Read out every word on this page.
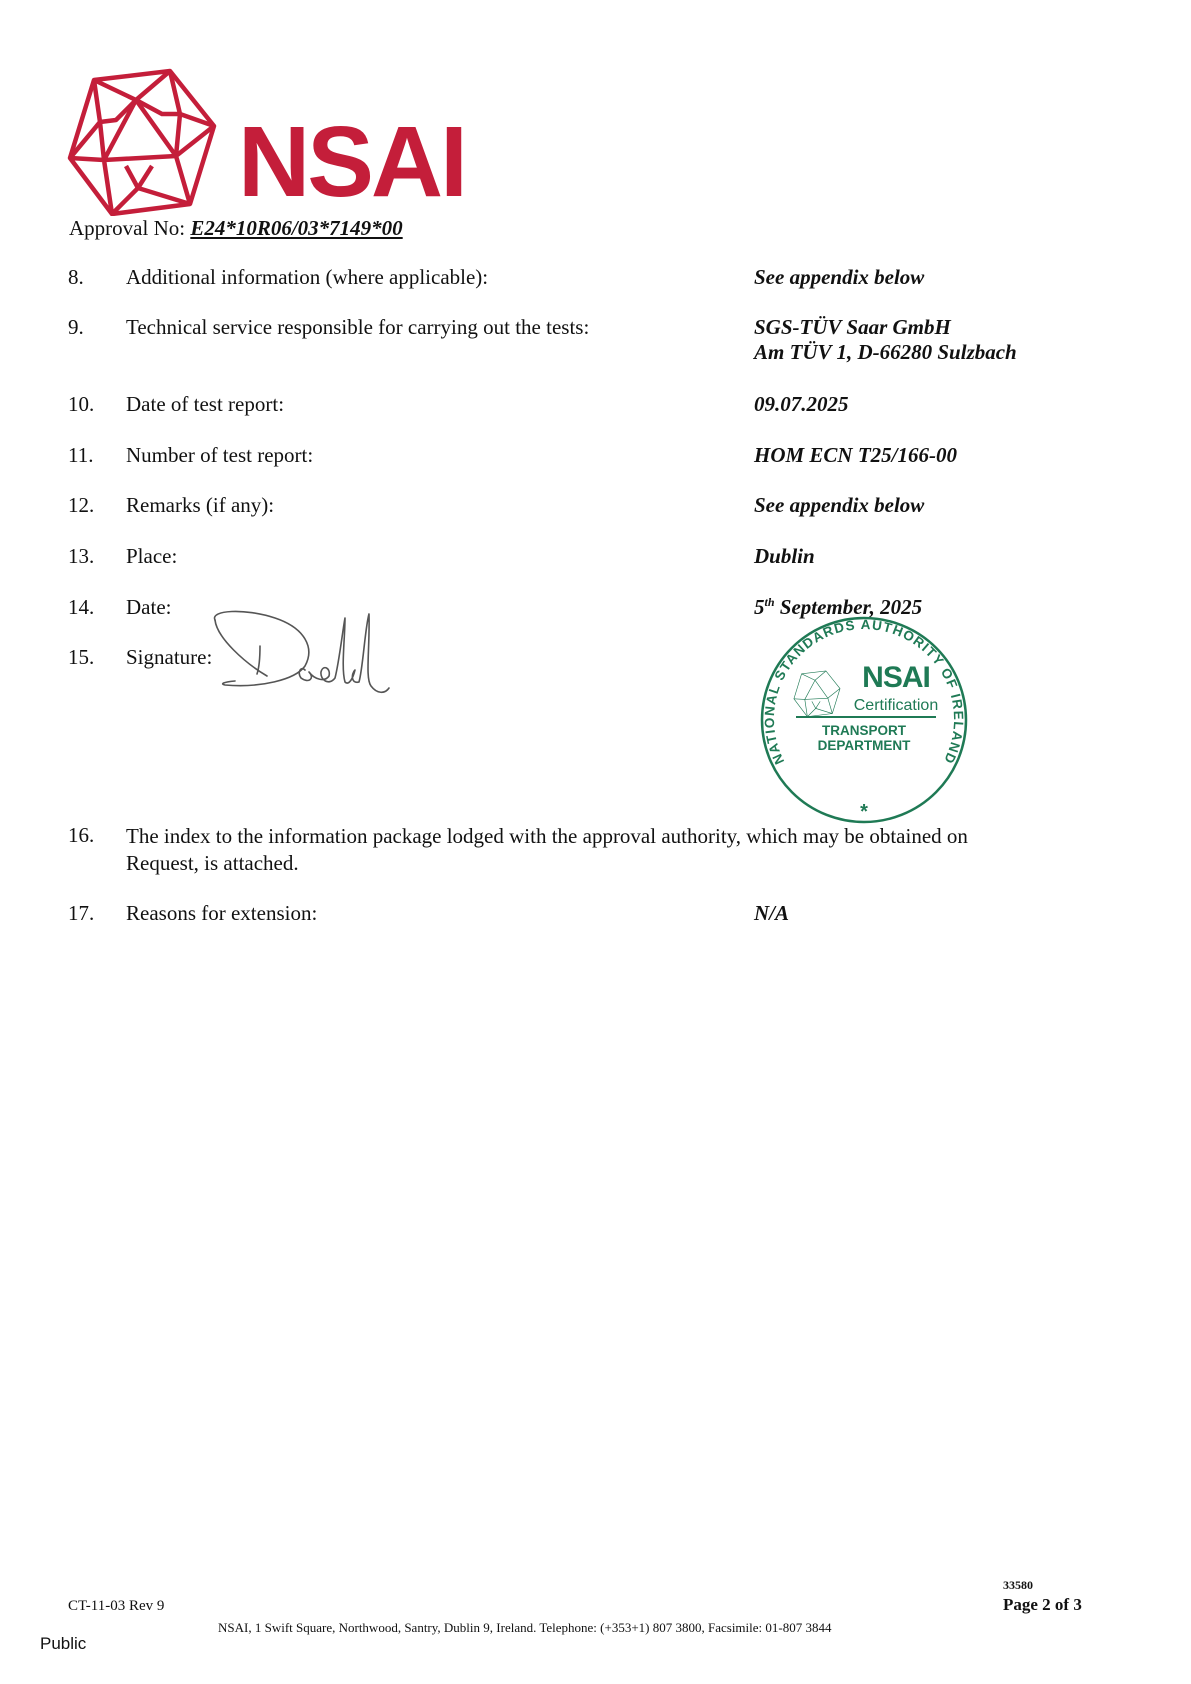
NSAI
Approval No: E24*10R06/03*7149*00
8. Additional information (where applicable):	See appendix below
9. Technical service responsible for carrying out the tests:	SGS-TÜV Saar GmbH
Am TÜV 1, D-66280 Sulzbach
10. Date of test report:	09.07.2025
11. Number of test report:	HOM ECN T25/166-00
12. Remarks (if any):	See appendix below
13. Place:	Dublin
14. Date:	5th September, 2025
15. Signature:
NATIONAL STANDARDS AUTHORITY OF IRELAND
NSAI
Certification
TRANSPORT
DEPARTMENT
*
16. The index to the information package lodged with the approval authority, which may be obtained on Request, is attached.
17. Reasons for extension:	N/A
CT-11-03 Rev 9
NSAI, 1 Swift Square, Northwood, Santry, Dublin 9, Ireland. Telephone: (+353+1) 807 3800, Facsimile: 01-807 3844
33580
Page 2 of 3
Public
